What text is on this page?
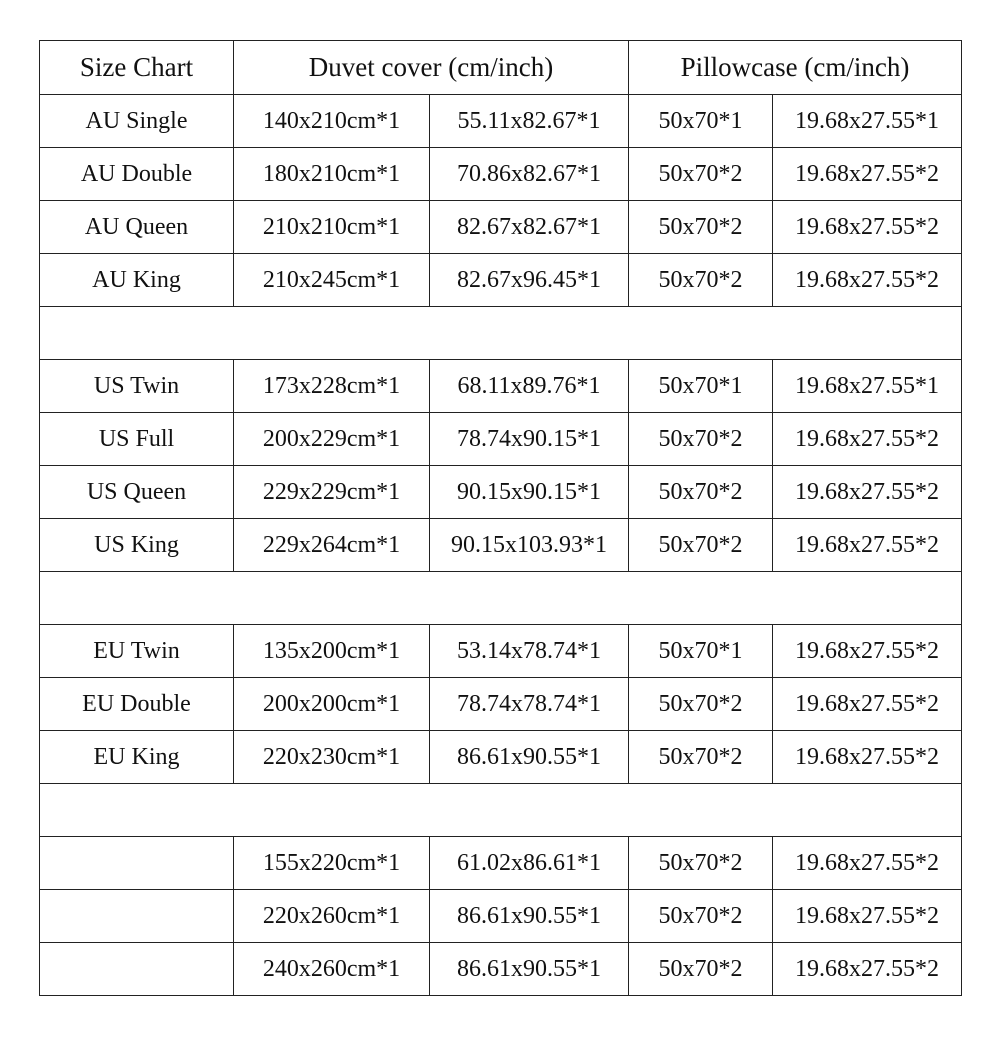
Size Chart	Duvet cover (cm/inch)		Pillowcase (cm/inch)	
AU Single	140x210cm*1	55.11x82.67*1	50x70*1	19.68x27.55*1
AU Double	180x210cm*1	70.86x82.67*1	50x70*2	19.68x27.55*2
AU Queen	210x210cm*1	82.67x82.67*1	50x70*2	19.68x27.55*2
AU King	210x245cm*1	82.67x96.45*1	50x70*2	19.68x27.55*2

US Twin	173x228cm*1	68.11x89.76*1	50x70*1	19.68x27.55*1
US Full	200x229cm*1	78.74x90.15*1	50x70*2	19.68x27.55*2
US Queen	229x229cm*1	90.15x90.15*1	50x70*2	19.68x27.55*2
US King	229x264cm*1	90.15x103.93*1	50x70*2	19.68x27.55*2

EU Twin	135x200cm*1	53.14x78.74*1	50x70*1	19.68x27.55*2
EU Double	200x200cm*1	78.74x78.74*1	50x70*2	19.68x27.55*2
EU King	220x230cm*1	86.61x90.55*1	50x70*2	19.68x27.55*2

	155x220cm*1	61.02x86.61*1	50x70*2	19.68x27.55*2
	220x260cm*1	86.61x90.55*1	50x70*2	19.68x27.55*2
	240x260cm*1	86.61x90.55*1	50x70*2	19.68x27.55*2
